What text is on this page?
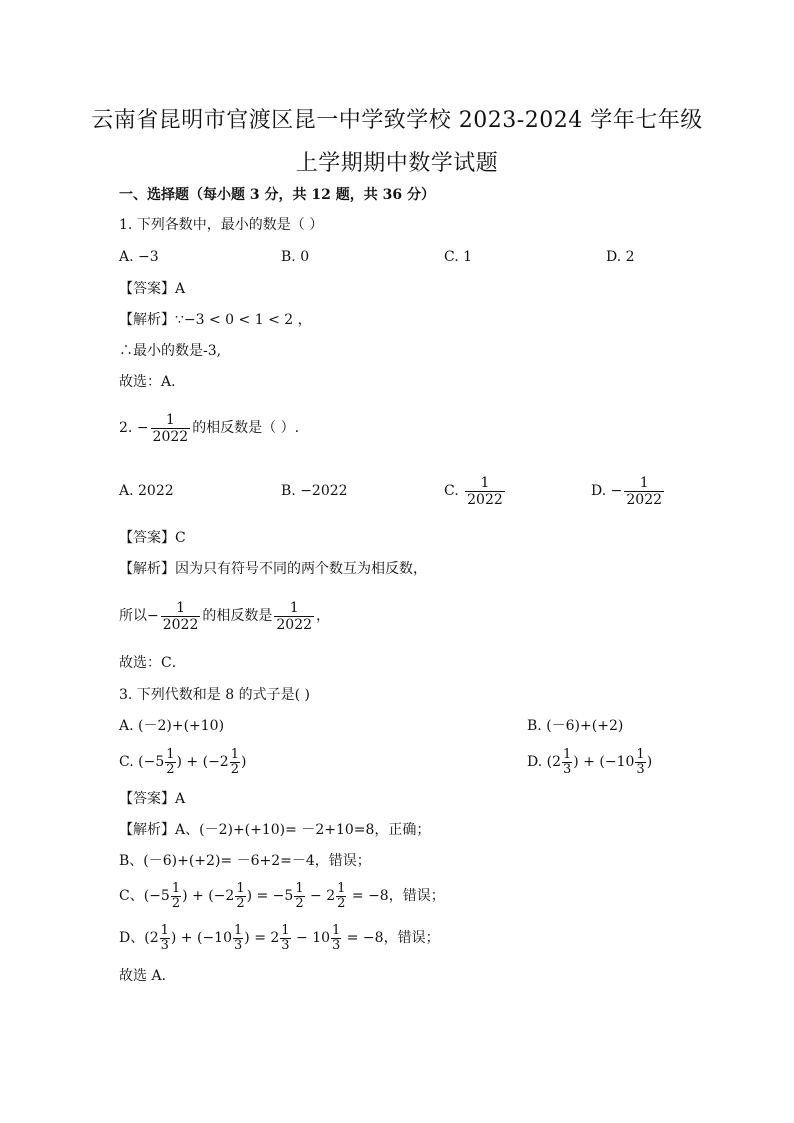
云南省昆明市官渡区昆一中学致学校 2023-2024 学年七年级
上学期期中数学试题
一、选择题（每小题 3 分，共 12 题，共 36 分）
1. 下列各数中，最小的数是（ ）
A. −3	B. 0	C. 1	D. 2
【答案】A
【解析】∵−3 < 0 < 1 < 2 ，
∴最小的数是-3,
故选：A．
2. − $\frac{1}{2022}$ 的相反数是（ ）.
A. 2022	B. −2022	C. $\frac{1}{2022}$	D. − $\frac{1}{2022}$
【答案】C
【解析】因为只有符号不同的两个数互为相反数，
所以− $\frac{1}{2022}$ 的相反数是 $\frac{1}{2022}$ ，
故选：C．
3. 下列代数和是 8 的式子是( )
A. (－2)+(+10)	B. (－6)+(+2)
C. ($-5 \frac{1}{2}$ ) + ($-2 \frac{1}{2}$ )	D. ($2 \frac{1}{3}$ ) + ($-10 \frac{1}{3}$ )
【答案】A
【解析】A、(－2)+(+10)= －2+10=8，正确；
B、(－6)+(+2)= －6+2=－4，错误；
C、($-5 \frac{1}{2}$ ) + ($-2 \frac{1}{2}$ ) = $-5 \frac{1}{2} - 2 \frac{1}{2} = -8$，错误；
D、($2 \frac{1}{3}$ ) + ($-10 \frac{1}{3}$ ) = $2 \frac{1}{3} - 10 \frac{1}{3} = -8$，错误；
故选 A.
